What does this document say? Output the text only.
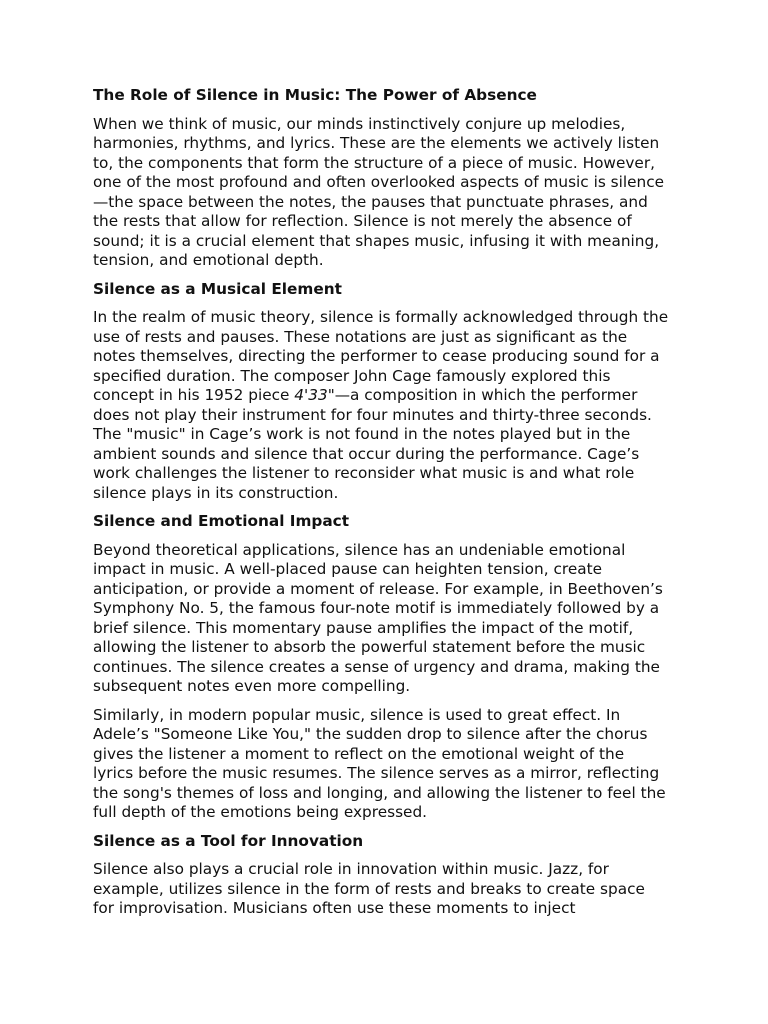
The Role of Silence in Music: The Power of Absence

When we think of music, our minds instinctively conjure up melodies,
harmonies, rhythms, and lyrics. These are the elements we actively listen
to, the components that form the structure of a piece of music. However,
one of the most profound and often overlooked aspects of music is silence
—the space between the notes, the pauses that punctuate phrases, and
the rests that allow for reflection. Silence is not merely the absence of
sound; it is a crucial element that shapes music, infusing it with meaning,
tension, and emotional depth.

Silence as a Musical Element

In the realm of music theory, silence is formally acknowledged through the
use of rests and pauses. These notations are just as significant as the
notes themselves, directing the performer to cease producing sound for a
specified duration. The composer John Cage famously explored this
concept in his 1952 piece 4'33"—a composition in which the performer
does not play their instrument for four minutes and thirty-three seconds.
The "music" in Cage’s work is not found in the notes played but in the
ambient sounds and silence that occur during the performance. Cage’s
work challenges the listener to reconsider what music is and what role
silence plays in its construction.

Silence and Emotional Impact

Beyond theoretical applications, silence has an undeniable emotional
impact in music. A well-placed pause can heighten tension, create
anticipation, or provide a moment of release. For example, in Beethoven’s
Symphony No. 5, the famous four-note motif is immediately followed by a
brief silence. This momentary pause amplifies the impact of the motif,
allowing the listener to absorb the powerful statement before the music
continues. The silence creates a sense of urgency and drama, making the
subsequent notes even more compelling.

Similarly, in modern popular music, silence is used to great effect. In
Adele’s "Someone Like You," the sudden drop to silence after the chorus
gives the listener a moment to reflect on the emotional weight of the
lyrics before the music resumes. The silence serves as a mirror, reflecting
the song's themes of loss and longing, and allowing the listener to feel the
full depth of the emotions being expressed.

Silence as a Tool for Innovation

Silence also plays a crucial role in innovation within music. Jazz, for
example, utilizes silence in the form of rests and breaks to create space
for improvisation. Musicians often use these moments to inject
